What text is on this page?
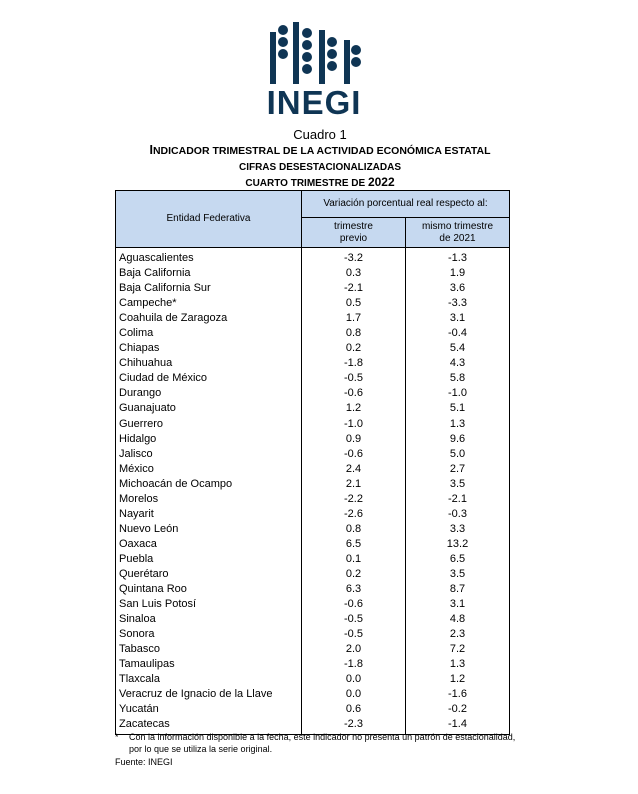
INEGI
Cuadro 1
INDICADOR TRIMESTRAL DE LA ACTIVIDAD ECONÓMICA ESTATAL
CIFRAS DESESTACIONALIZADAS
CUARTO TRIMESTRE DE 2022
Entidad Federativa	Variación porcentual real respecto al:	
	trimestre previo	mismo trimestre de 2021
Aguascalientes	-3.2	-1.3
Baja California	0.3	1.9
Baja California Sur	-2.1	3.6
Campeche*	0.5	-3.3
Coahuila de Zaragoza	1.7	3.1
Colima	0.8	-0.4
Chiapas	0.2	5.4
Chihuahua	-1.8	4.3
Ciudad de México	-0.5	5.8
Durango	-0.6	-1.0
Guanajuato	1.2	5.1
Guerrero	-1.0	1.3
Hidalgo	0.9	9.6
Jalisco	-0.6	5.0
México	2.4	2.7
Michoacán de Ocampo	2.1	3.5
Morelos	-2.2	-2.1
Nayarit	-2.6	-0.3
Nuevo León	0.8	3.3
Oaxaca	6.5	13.2
Puebla	0.1	6.5
Querétaro	0.2	3.5
Quintana Roo	6.3	8.7
San Luis Potosí	-0.6	3.1
Sinaloa	-0.5	4.8
Sonora	-0.5	2.3
Tabasco	2.0	7.2
Tamaulipas	-1.8	1.3
Tlaxcala	0.0	1.2
Veracruz de Ignacio de la Llave	0.0	-1.6
Yucatán	0.6	-0.2
Zacatecas	-2.3	-1.4
*	Con la información disponible a la fecha, este indicador no presenta un patrón de estacionalidad, por lo que se utiliza la serie original.
Fuente: INEGI
